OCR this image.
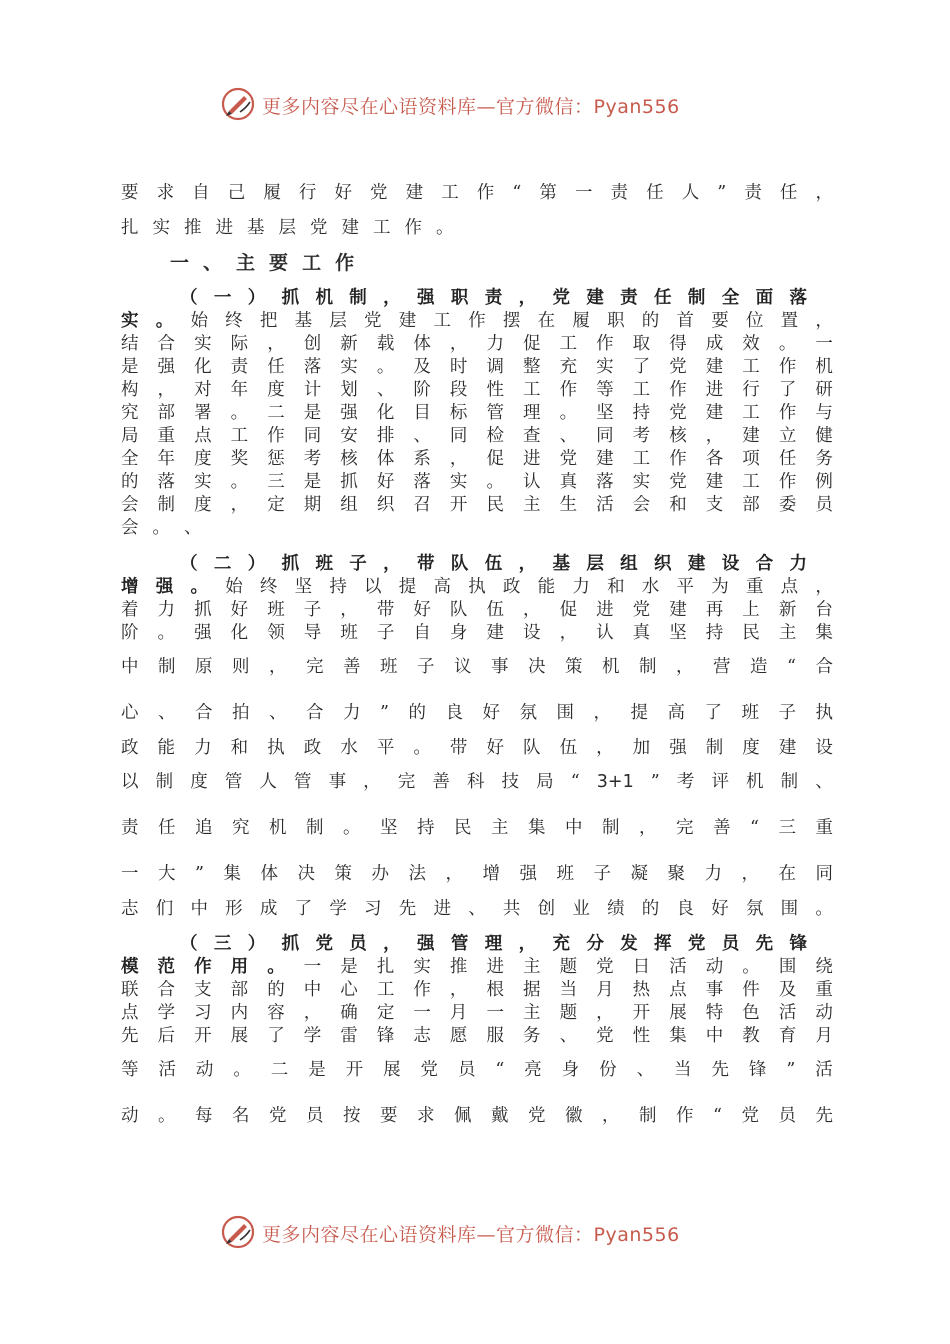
更多内容尽在心语资料库—官方微信：Pyan556
更多内容尽在心语资料库—官方微信：Pyan556
要 求 自 己 履 行 好 党 建 工 作 “ 第 一 责 任 人 ” 责 任 ，
扎 实 推 进 基 层 党 建 工 作 。
一 、 主 要 工 作
（ 一 ） 抓 机 制 ， 强 职 责 ， 党 建 责 任 制 全 面 落
实 。 始 终 把 基 层 党 建 工 作 摆 在 履 职 的 首 要 位 置 ，
结 合 实 际 ， 创 新 载 体 ， 力 促 工 作 取 得 成 效 。 一
是 强 化 责 任 落 实 。 及 时 调 整 充 实 了 党 建 工 作 机
构 ， 对 年 度 计 划 、 阶 段 性 工 作 等 工 作 进 行 了 研
究 部 署 。 二 是 强 化 目 标 管 理 。 坚 持 党 建 工 作 与
局 重 点 工 作 同 安 排 、 同 检 查 、 同 考 核 ， 建 立 健
全 年 度 奖 惩 考 核 体 系 ， 促 进 党 建 工 作 各 项 任 务
的 落 实 。 三 是 抓 好 落 实 。 认 真 落 实 党 建 工 作 例
会 制 度 ， 定 期 组 织 召 开 民 主 生 活 会 和 支 部 委 员
会 。 、
（ 二 ） 抓 班 子 ， 带 队 伍 ， 基 层 组 织 建 设 合 力
增 强 。 始 终 坚 持 以 提 高 执 政 能 力 和 水 平 为 重 点 ，
着 力 抓 好 班 子 ， 带 好 队 伍 ， 促 进 党 建 再 上 新 台
阶 。 强 化 领 导 班 子 自 身 建 设 ， 认 真 坚 持 民 主 集
中 制 原 则 ， 完 善 班 子 议 事 决 策 机 制 ， 营 造 “ 合
心 、 合 拍 、 合 力 ” 的 良 好 氛 围 ， 提 高 了 班 子 执
政 能 力 和 执 政 水 平 。 带 好 队 伍 ， 加 强 制 度 建 设
以 制 度 管 人 管 事 ， 完 善 科 技 局 “ 3+1 ” 考 评 机 制 、
责 任 追 究 机 制 。 坚 持 民 主 集 中 制 ， 完 善 “ 三 重
一 大 ” 集 体 决 策 办 法 ， 增 强 班 子 凝 聚 力 ， 在 同
志 们 中 形 成 了 学 习 先 进 、 共 创 业 绩 的 良 好 氛 围 。
（ 三 ） 抓 党 员 ， 强 管 理 ， 充 分 发 挥 党 员 先 锋
模 范 作 用 。 一 是 扎 实 推 进 主 题 党 日 活 动 。 围 绕
联 合 支 部 的 中 心 工 作 ， 根 据 当 月 热 点 事 件 及 重
点 学 习 内 容 ， 确 定 一 月 一 主 题 ， 开 展 特 色 活 动
先 后 开 展 了 学 雷 锋 志 愿 服 务 、 党 性 集 中 教 育 月
等 活 动 。 二 是 开 展 党 员 “ 亮 身 份 、 当 先 锋 ” 活
动 。 每 名 党 员 按 要 求 佩 戴 党 徽 ， 制 作 “ 党 员 先
